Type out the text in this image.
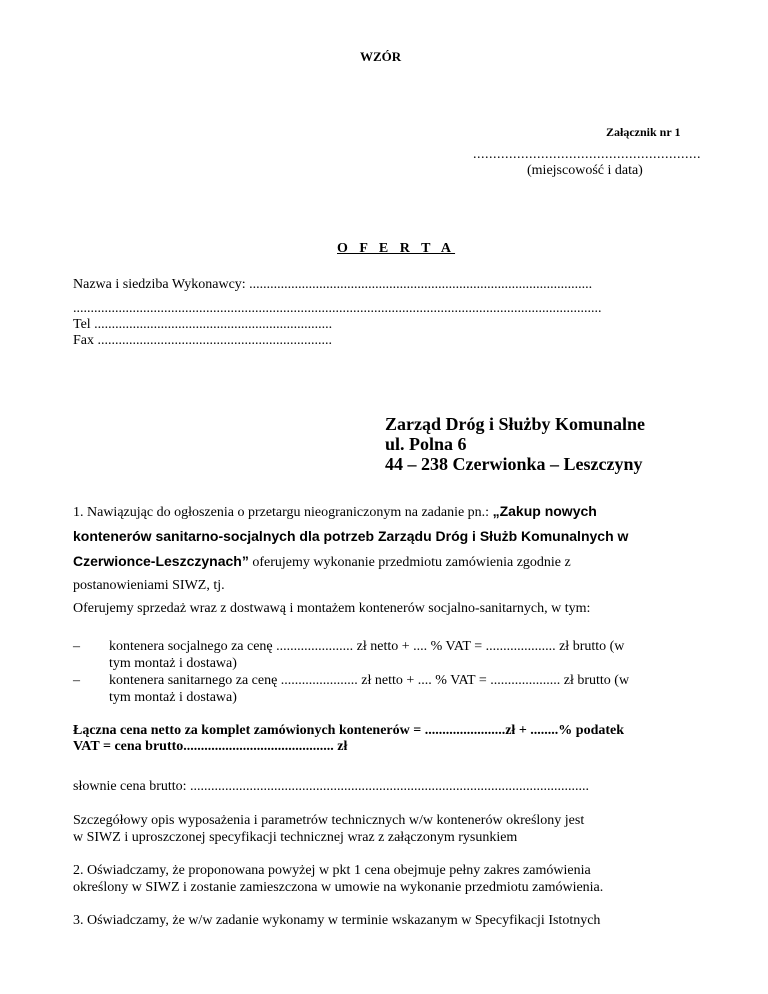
WZÓR
Załącznik nr 1
.........................................................
(miejscowość i data)
O F E R T A
Nazwa i siedziba Wykonawcy: ..................................................................................................
.......................................................................................................................................................
Tel ....................................................................
Fax ...................................................................
Zarząd Dróg i Służby Komunalne
ul. Polna 6
44 – 238 Czerwionka – Leszczyny
1. Nawiązując do ogłoszenia o przetargu nieograniczonym na zadanie pn.: „Zakup nowych
kontenerów sanitarno-socjalnych dla potrzeb Zarządu Dróg i Służb Komunalnych w
Czerwionce-Leszczynach” oferujemy wykonanie przedmiotu zamówienia zgodnie z
postanowieniami SIWZ, tj.
Oferujemy sprzedaż wraz z dostwawą i montażem kontenerów socjalno-sanitarnych, w tym:
– kontenera socjalnego za cenę ...................... zł netto + .... % VAT = .................... zł brutto (w
tym montaż i dostawa)
– kontenera sanitarnego za cenę ...................... zł netto + .... % VAT = .................... zł brutto (w
tym montaż i dostawa)
Łączna cena netto za komplet zamówionych kontenerów = .......................zł + ........% podatek
VAT = cena brutto........................................... zł
słownie cena brutto: ..................................................................................................................
Szczegółowy opis wyposażenia i parametrów technicznych w/w kontenerów określony jest
w SIWZ i uproszczonej specyfikacji technicznej wraz z załączonym rysunkiem
2. Oświadczamy, że proponowana powyżej w pkt 1 cena obejmuje pełny zakres zamówienia
określony w SIWZ i zostanie zamieszczona w umowie na wykonanie przedmiotu zamówienia.
3. Oświadczamy, że w/w zadanie wykonamy w terminie wskazanym w Specyfikacji Istotnych
